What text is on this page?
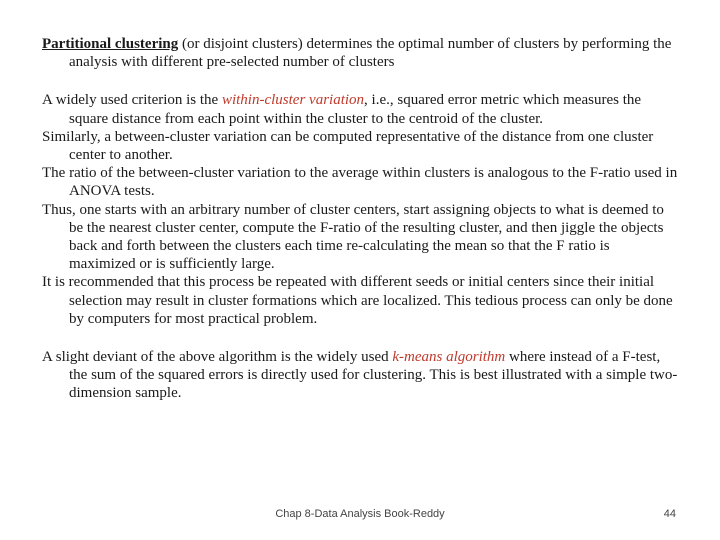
Partitional clustering (or disjoint clusters) determines the optimal number of clusters by performing the analysis with different pre-selected number of clusters

A widely used criterion is the within-cluster variation, i.e., squared error metric which measures the square distance from each point within the cluster to the centroid of the cluster.

Similarly, a between-cluster variation can be computed representative of the distance from one cluster center to another.

The ratio of the between-cluster variation to the average within clusters is analogous to the F-ratio used in ANOVA tests.

Thus, one starts with an arbitrary number of cluster centers, start assigning objects to what is deemed to be the nearest cluster center, compute the F-ratio of the resulting cluster, and then jiggle the objects back and forth between the clusters each time re-calculating the mean so that the F ratio is maximized or is sufficiently large.

It is recommended that this process be repeated with different seeds or initial centers since their initial selection may result in cluster formations which are localized. This tedious process can only be done by computers for most practical problem.

A slight deviant of the above algorithm is the widely used k-means algorithm where instead of a F-test, the sum of the squared errors is directly used for clustering. This is best illustrated with a simple two-dimension sample.

Chap 8-Data Analysis Book-Reddy	44
